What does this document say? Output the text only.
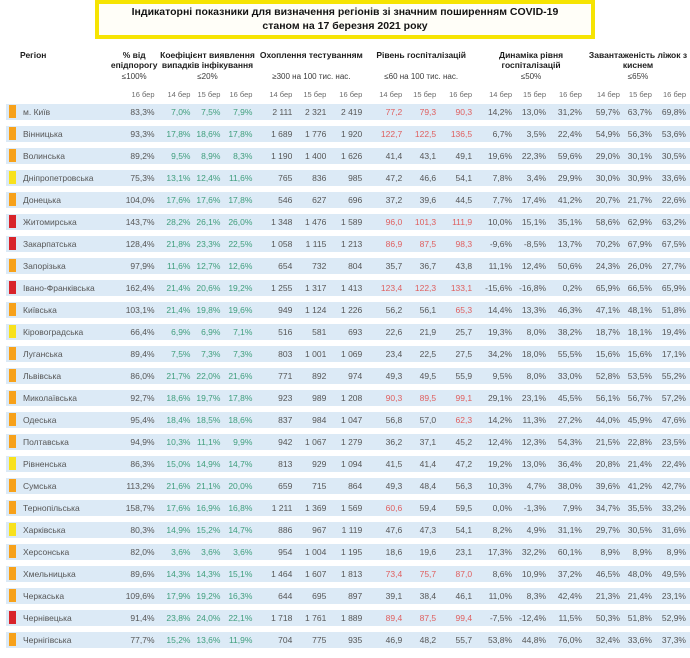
Індикаторні показники для визначення регіонів зі значним поширенням COVID-19
станом на 17 березня 2021 року
Регіон	% від епідпорогу	Коефіцієнт виявлення випадків інфікування			Охоплення тестуванням			Рівень госпіталізацій			Динаміка рівня госпіталізацій			Завантаженість ліжок з киснем		
	≤100%	≤20%			≥300 на 100 тис. нас.			≤60 на 100 тис. нас.			≤50%			≤65%		
	16 бер	14 бер	15 бер	16 бер	14 бер	15 бер	16 бер	14 бер	15 бер	16 бер	14 бер	15 бер	16 бер	14 бер	15 бер	16 бер
м. Київ	83,3%	7,0%	7,5%	7,9%	2 111	2 321	2 419	77,2	79,3	90,3	14,2%	13,0%	31,2%	59,7%	63,7%	69,8%
Вінницька	93,3%	17,8%	18,6%	17,8%	1 689	1 776	1 920	122,7	122,5	136,5	6,7%	3,5%	22,4%	54,9%	56,3%	53,6%
Волинська	89,2%	9,5%	8,9%	8,3%	1 190	1 400	1 626	41,4	43,1	49,1	19,6%	22,3%	59,6%	29,0%	30,1%	30,5%
Дніпропетровська	75,3%	13,1%	12,4%	11,6%	765	836	985	47,2	46,6	54,1	7,8%	3,4%	29,9%	30,0%	30,9%	33,6%
Донецька	104,0%	17,6%	17,6%	17,8%	546	627	696	37,2	39,6	44,5	7,7%	17,4%	41,2%	20,7%	21,7%	22,6%
Житомирська	143,7%	28,2%	26,1%	26,0%	1 348	1 476	1 589	96,0	101,3	111,9	10,0%	15,1%	35,1%	58,6%	62,9%	63,2%
Закарпатська	128,4%	21,8%	23,3%	22,5%	1 058	1 115	1 213	86,9	87,5	98,3	-9,6%	-8,5%	13,7%	70,2%	67,9%	67,5%
Запорізька	97,9%	11,6%	12,7%	12,6%	654	732	804	35,7	36,7	43,8	11,1%	12,4%	50,6%	24,3%	26,0%	27,7%
Івано-Франківська	162,4%	21,4%	20,6%	19,2%	1 255	1 317	1 413	123,4	122,3	133,1	-15,6%	-16,8%	0,2%	65,9%	66,5%	65,9%
Київська	103,1%	21,4%	19,8%	19,6%	949	1 124	1 226	56,2	56,1	65,3	14,4%	13,3%	46,3%	47,1%	48,1%	51,8%
Кіровоградська	66,4%	6,9%	6,9%	7,1%	516	581	693	22,6	21,9	25,7	19,3%	8,0%	38,2%	18,7%	18,1%	19,4%
Луганська	89,4%	7,5%	7,3%	7,3%	803	1 001	1 069	23,4	22,5	27,5	34,2%	18,0%	55,5%	15,6%	15,6%	17,1%
Львівська	86,0%	21,7%	22,0%	21,6%	771	892	974	49,3	49,5	55,9	9,5%	8,0%	33,0%	52,8%	53,5%	55,2%
Миколаївська	92,7%	18,6%	19,7%	17,8%	923	989	1 208	90,3	89,5	99,1	29,1%	23,1%	45,5%	56,1%	56,7%	57,2%
Одеська	95,4%	18,4%	18,5%	18,6%	837	984	1 047	56,8	57,0	62,3	14,2%	11,3%	27,2%	44,0%	45,9%	47,6%
Полтавська	94,9%	10,3%	11,1%	9,9%	942	1 067	1 279	36,2	37,1	45,2	12,4%	12,3%	54,3%	21,5%	22,8%	23,5%
Рівненська	86,3%	15,0%	14,9%	14,7%	813	929	1 094	41,5	41,4	47,2	19,2%	13,0%	36,4%	20,8%	21,4%	22,4%
Сумська	113,2%	21,6%	21,1%	20,0%	659	715	864	49,3	48,4	56,3	10,3%	4,7%	38,0%	39,6%	41,2%	42,7%
Тернопільська	158,7%	17,6%	16,9%	16,8%	1 211	1 369	1 569	60,6	59,4	59,5	0,0%	-1,3%	7,9%	34,7%	35,5%	33,2%
Харківська	80,3%	14,9%	15,2%	14,7%	886	967	1 119	47,6	47,3	54,1	8,2%	4,9%	31,1%	29,7%	30,5%	31,6%
Херсонська	82,0%	3,6%	3,6%	3,6%	954	1 004	1 195	18,6	19,6	23,1	17,3%	32,2%	60,1%	8,9%	8,9%	8,9%
Хмельницька	89,6%	14,3%	14,3%	15,1%	1 464	1 607	1 813	73,4	75,7	87,0	8,6%	10,9%	37,2%	46,5%	48,0%	49,5%
Черкаська	109,6%	17,9%	19,2%	16,3%	644	695	897	39,1	38,4	46,1	11,0%	8,3%	42,4%	21,3%	21,4%	23,1%
Чернівецька	91,4%	23,8%	24,0%	22,1%	1 718	1 761	1 889	89,4	87,5	99,4	-7,5%	-12,4%	11,5%	50,3%	51,8%	52,9%
Чернігівська	77,7%	15,2%	13,6%	11,9%	704	775	935	46,9	48,2	55,7	53,8%	44,8%	76,0%	32,4%	33,6%	37,3%
